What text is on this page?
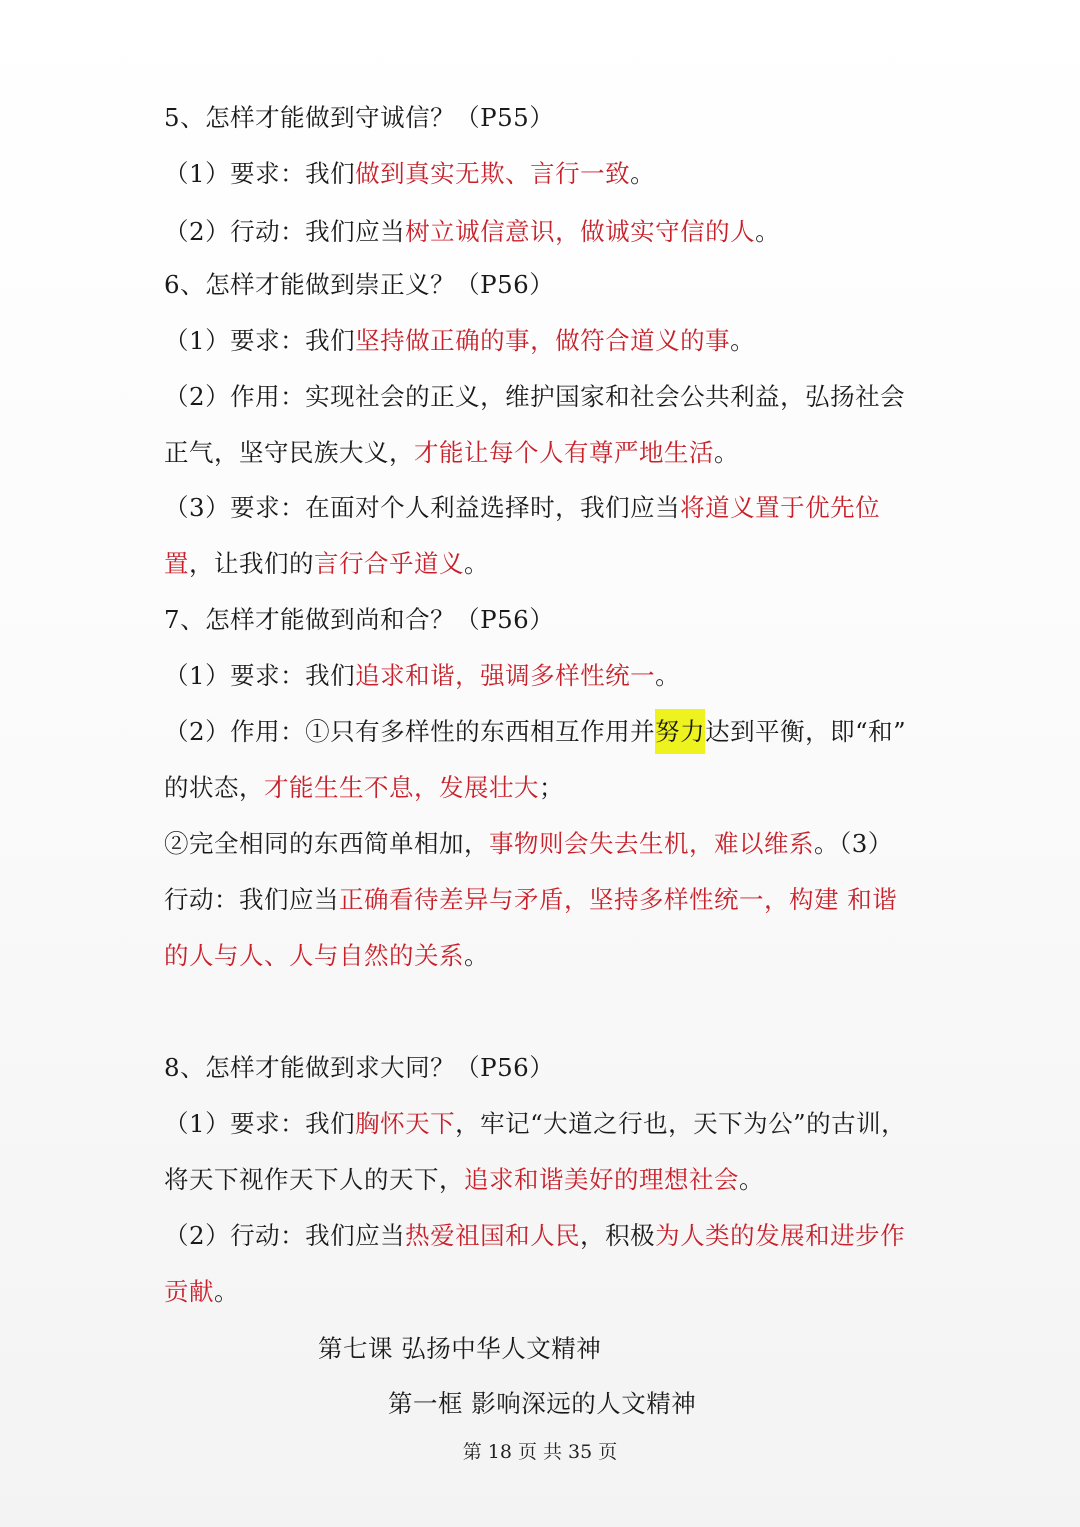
5、怎样才能做到守诚信？（P55）
（1）要求：我们做到真实无欺、言行一致。
（2）行动：我们应当树立诚信意识，做诚实守信的人。
6、怎样才能做到崇正义？（P56）
（1）要求：我们坚持做正确的事，做符合道义的事。
（2）作用：实现社会的正义，维护国家和社会公共利益，弘扬社会
正气，坚守民族大义，才能让每个人有尊严地生活。
（3）要求：在面对个人利益选择时，我们应当将道义置于优先位
置，让我们的言行合乎道义。
7、怎样才能做到尚和合？（P56）
（1）要求：我们追求和谐，强调多样性统一。
（2）作用：①只有多样性的东西相互作用并努力达到平衡，即“和”
的状态，才能生生不息，发展壮大；
②完全相同的东西简单相加，事物则会失去生机，难以维系。（3）
行动：我们应当正确看待差异与矛盾，坚持多样性统一，构建 和谐
的人与人、人与自然的关系。
8、怎样才能做到求大同？（P56）
（1）要求：我们胸怀天下，牢记“大道之行也，天下为公”的古训，
将天下视作天下人的天下，追求和谐美好的理想社会。
（2）行动：我们应当热爱祖国和人民，积极为人类的发展和进步作
贡献。
第七课 弘扬中华人文精神
第一框 影响深远的人文精神
第 18 页 共 35 页
